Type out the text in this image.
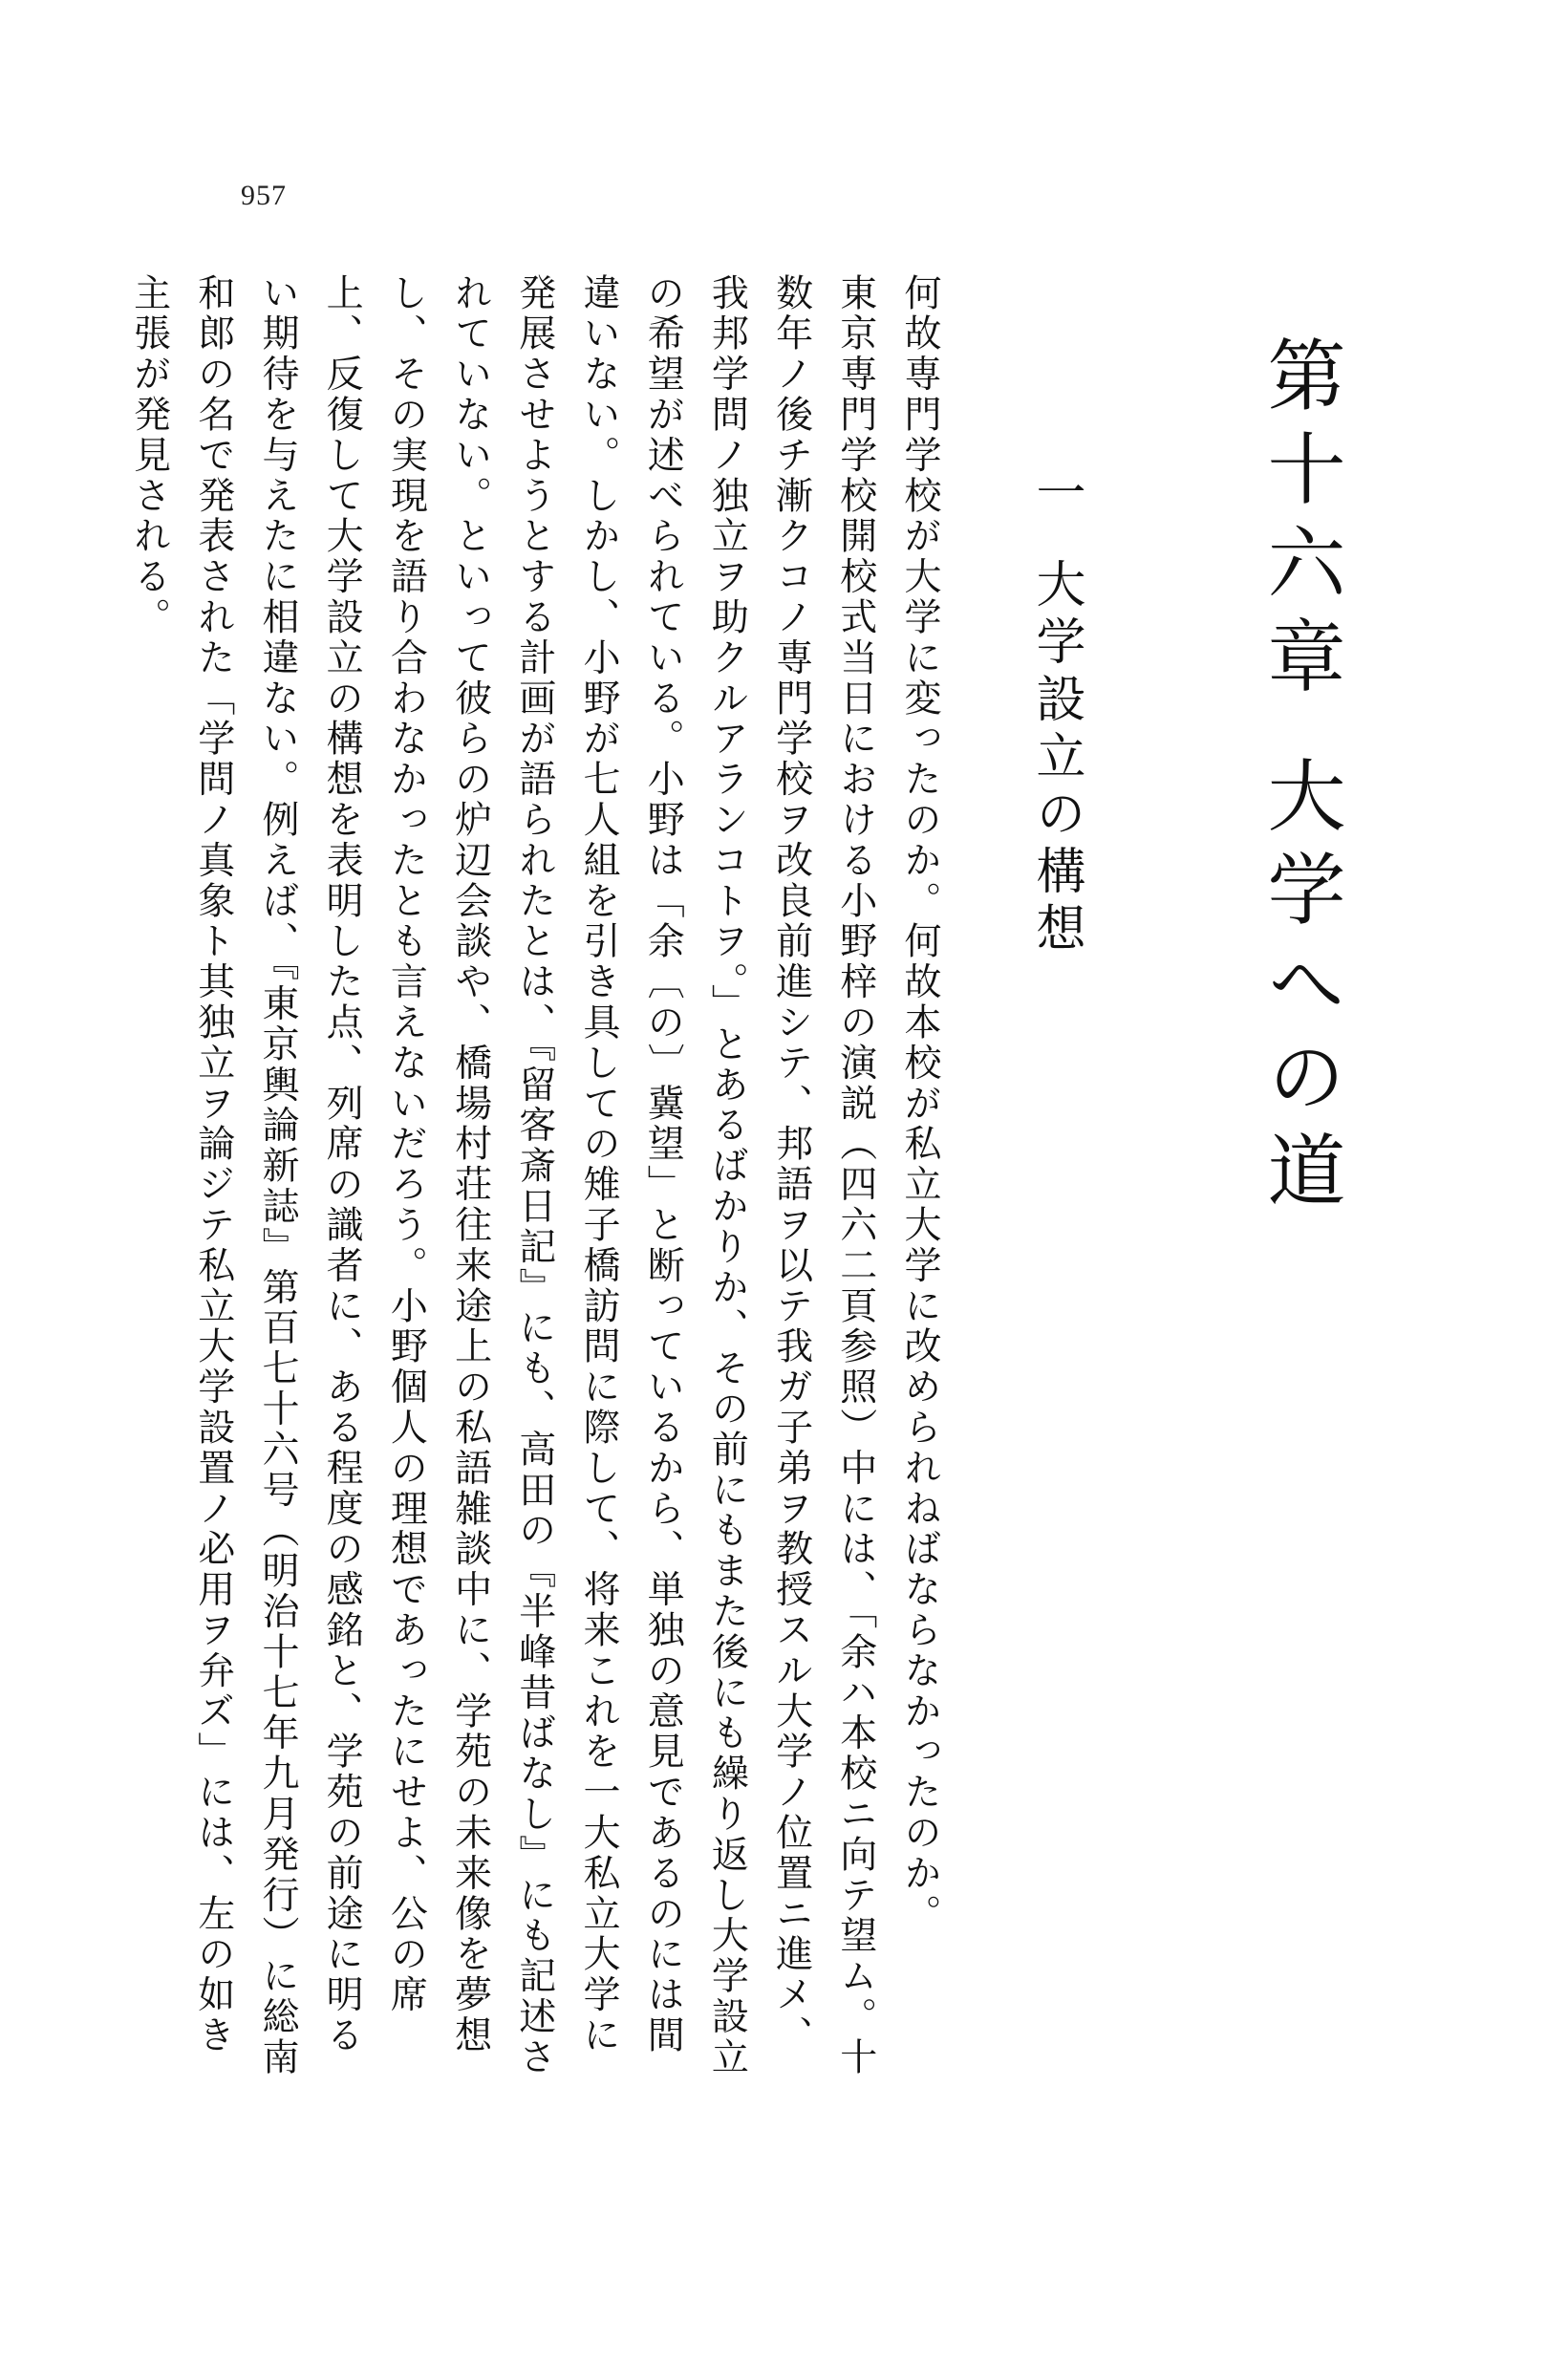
957
第十六章大学への道
一大学設立の構想

何故専門学校が大学に変ったのか。何故本校が私立大学に改められねばならなかったのか。

東京専門学校開校式当日における小野梓の演説（四六二頁参照）中には、「余ハ本校ニ向テ望ム。十数年ノ後チ漸クコノ専門学校ヲ改良前進シテ、邦語ヲ以テ我ガ子弟ヲ教授スル大学ノ位置ニ進メ、我邦学問ノ独立ヲ助クルアランコトヲ。」とあるばかりか、その前にもまた後にも繰り返し大学設立の希望が述べられている。小野は「余〔の〕冀望」と断っているから、単独の意見であるのには間違いない。しかし、小野が七人組を引き具しての雉子橋訪問に際して、将来これを一大私立大学に発展させようとする計画が語られたとは、『留客斎日記』にも、高田の『半峰昔ばなし』にも記述されていない。といって彼らの炉辺会談や、橋場村荘往来途上の私語雑談中に、学苑の未来像を夢想し、その実現を語り合わなかったとも言えないだろう。小野個人の理想であったにせよ、公の席上、反復して大学設立の構想を表明した点、列席の識者に、ある程度の感銘と、学苑の前途に明るい期待を与えたに相違ない。例えば、『東京輿論新誌』第百七十六号（明治十七年九月発行）に総南和郎の名で発表された「学問ノ真象ト其独立ヲ論ジテ私立大学設置ノ必用ヲ弁ズ」には、左の如き主張が発見される。
